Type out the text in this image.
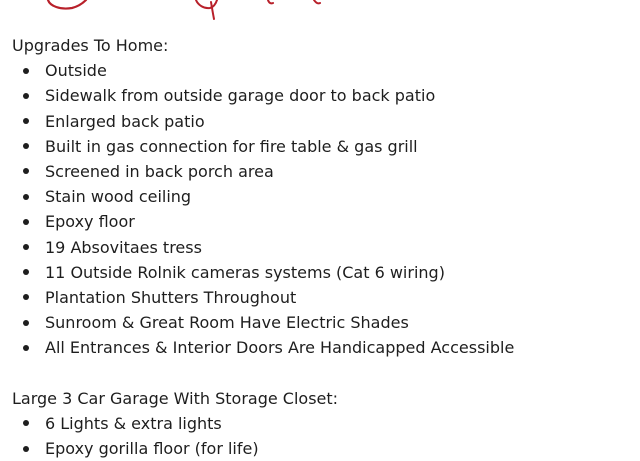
Upgrades To Home:
Outside
Sidewalk from outside garage door to back patio
Enlarged back patio
Built in gas connection for fire table & gas grill
Screened in back porch area
Stain wood ceiling
Epoxy floor
19 Absovitaes tress
11 Outside Rolnik cameras systems (Cat 6 wiring)
Plantation Shutters Throughout
Sunroom & Great Room Have Electric Shades
All Entrances & Interior Doors Are Handicapped Accessible
Large 3 Car Garage With Storage Closet:
6 Lights & extra lights
Epoxy gorilla floor (for life)
